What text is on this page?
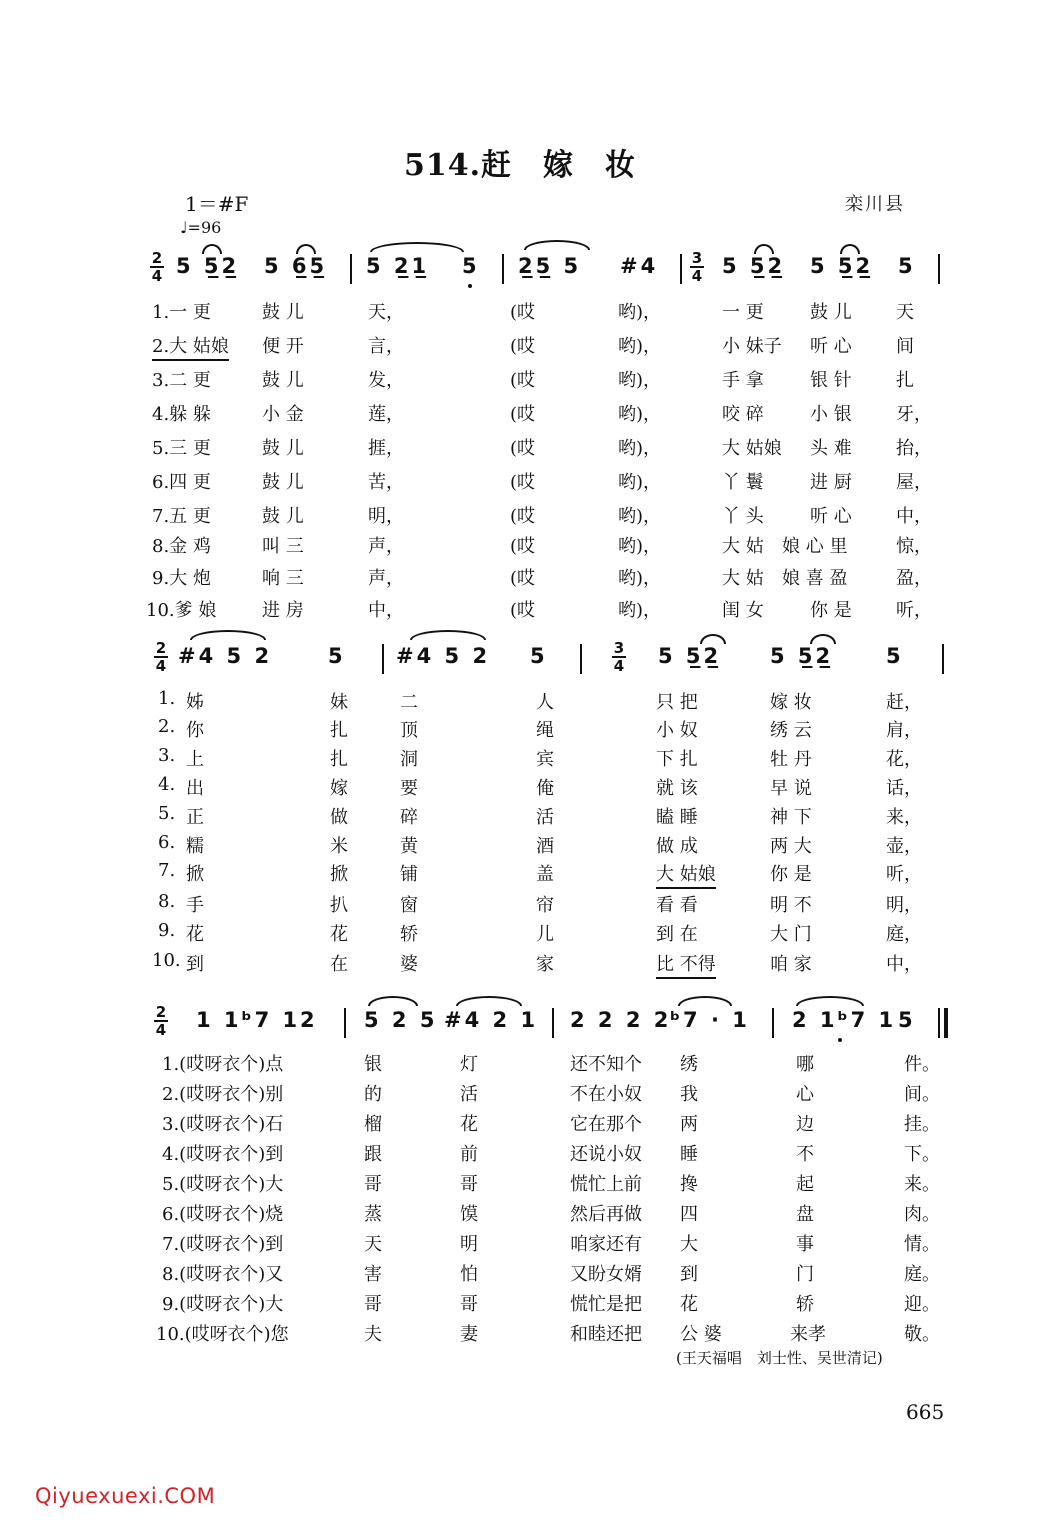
514.赶　嫁　妆
1＝#F
♩=96
栾川县
2
4 5 5̲2̲ 5 6̲5̲ 5 2̲1̲ 5 2̲5̲ 5 #4 3
4 5 5̲2̲ 5 5̲2̲ 5
1.一 更	鼓 儿	天，	(哎	哟)，	一 更	鼓 儿 天
2.大 姑娘 便 开	言，	(哎	哟)，	小 妹子 听 心 间
3.二 更	鼓 儿	发，	(哎	哟)，	手 拿	银 针 扎
4.躲 躲	小 金	莲，	(哎	哟)，	咬 碎	小 银 牙，
5.三 更	鼓 儿	捱，	(哎	哟)，	大 姑娘 头 难 抬，
6.四 更	鼓 儿	苦，	(哎	哟)，	丫 鬟	进 厨 屋，
7.五 更	鼓 儿	明，	(哎	哟)，	丫 头	听 心 中，
8.金 鸡	叫 三	声，	(哎	哟)，	大 姑 娘 心 里	惊，
9.大 炮	响 三	声，	(哎	哟)，	大 姑 娘 喜 盈	盈，
10.爹 娘	进 房	中，	(哎	哟)，	闺 女	你 是 听，
2
4 #4 5 2	5 #4 5 2 5	3
4 5 5̲2̲ 5 5̲2̲	5
1. 姊	妹	二	人	只 把	嫁 妆	赶，
2. 你	扎	顶	绳	小 奴	绣 云	肩，
3. 上	扎	洞	宾	下 扎	牡 丹	花，
4. 出	嫁	要	俺	就 该	早 说	话，
5. 正	做	碎	活	瞌 睡	神 下	来，
6. 糯	米	黄	酒	做 成	两 大	壶，
7. 掀	掀	铺	盖	大 姑娘	你 是	听，
8. 手	扒	窗	帘	看 看	明 不	明，
9. 花	花	轿	儿	到 在	大 门	庭，
10. 到	在	婆	家	比 不得	咱 家	中，
2
4 1 1ᵇ7 1 2 5 2 5 #4 2 1 2 2 2 2
ᵇ7 · 1 2 1ᵇ7 1 5
1.(哎呀衣个)点	银	灯	还不知个 绣	哪	件。
2.(哎呀衣个)别	的	活	不在小奴 我	心	间。
3.(哎呀衣个)石	榴	花	它在那个 两	边	挂。
4.(哎呀衣个)到	跟	前	还说小奴 睡	不	下。
5.(哎呀衣个)大	哥	哥	慌忙上前 搀	起	来。
6.(哎呀衣个)烧	蒸	馍	然后再做 四	盘	肉。
7.(哎呀衣个)到	天	明	咱家还有 大	事	情。
8.(哎呀衣个)又	害	怕	又盼女婿 到	门	庭。
9.(哎呀衣个)大	哥	哥	慌忙是把 花	轿	迎。
10.(哎呀衣个)您	夫	妻	和睦还把 公 婆	来孝	敬。
(王天福唱　刘士性、吴世清记)
665
Qiyuexuexi.COM
